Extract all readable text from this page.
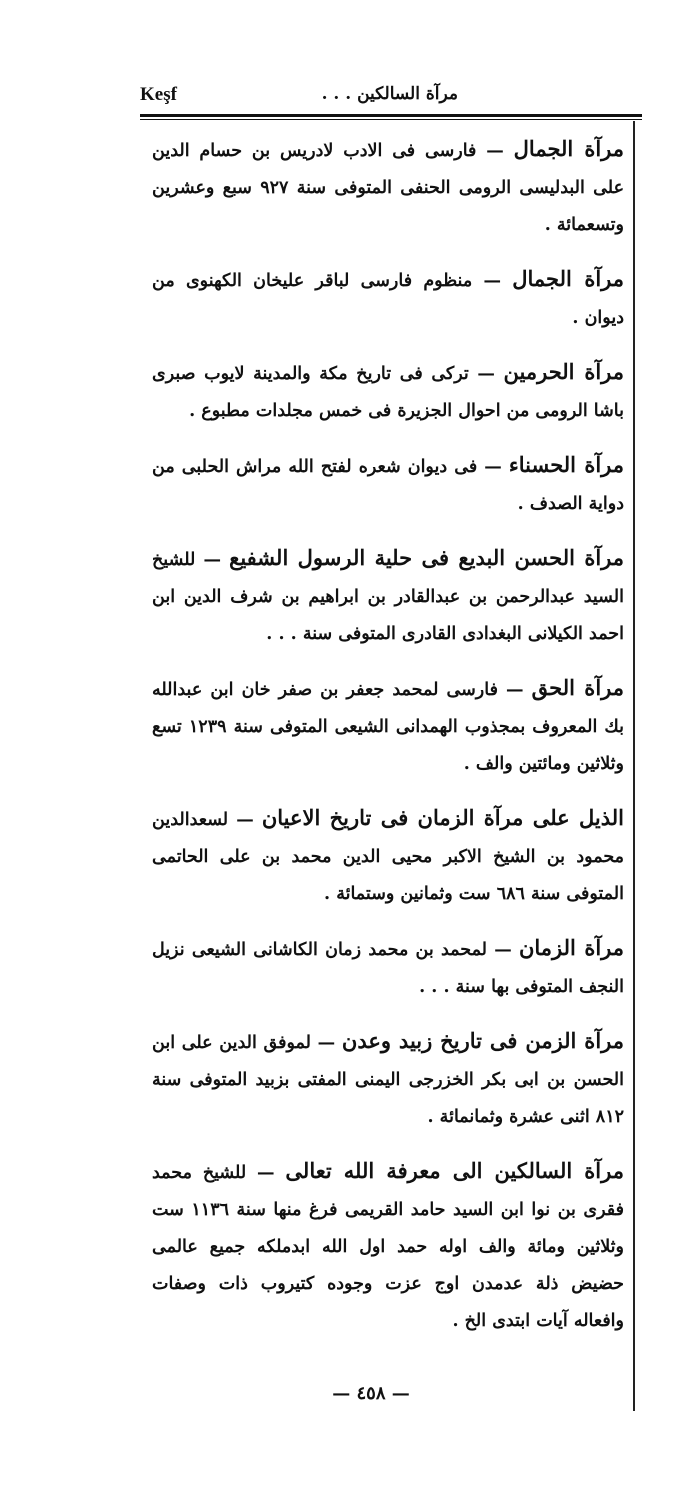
مرآة السالكين . . .
Keşf

مرآة الجمال — فارسى فى الادب لادريس بن حسام الدين على البدليسى الرومى الحنفى المتوفى سنة ٩٢٧ سبع وعشرين وتسعمائة .

مرآة الجمال — منظوم فارسى لباقر عليخان الكهنوى من ديوان .

مرآة الحرمين — تركى فى تاريخ مكة والمدينة لايوب صبرى باشا الرومى من احوال الجزيرة فى خمس مجلدات مطبوع .

مرآة الحسناء — فى ديوان شعره لفتح الله مراش الحلبى من دواية الصدف .

مرآة الحسن البديع فى حلية الرسول الشفيع — للشيخ السيد عبدالرحمن بن عبدالقادر بن ابراهيم بن شرف الدين ابن احمد الكيلانى البغدادى القادرى المتوفى سنة . . .

مرآة الحق — فارسى لمحمد جعفر بن صفر خان ابن عبدالله بك المعروف بمجذوب الهمدانى الشيعى المتوفى سنة ١٢٣٩ تسع وثلاثين ومائتين والف .

الذيل على مرآة الزمان فى تاريخ الاعيان — لسعدالدين محمود بن الشيخ الاكبر محيى الدين محمد بن على الحاتمى المتوفى سنة ٦٨٦ ست وثمانين وستمائة .

مرآة الزمان — لمحمد بن محمد زمان الكاشانى الشيعى نزيل النجف المتوفى بها سنة . . .

مرآة الزمن فى تاريخ زبيد وعدن — لموفق الدين على ابن الحسن بن ابى بكر الخزرجى اليمنى المفتى بزبيد المتوفى سنة ٨١٢ اثنى عشرة وثمانمائة .

مرآة السالكين الى معرفة الله تعالى — للشيخ محمد فقرى بن نوا ابن السيد حامد القريمى فرغ منها سنة ١١٣٦ ست وثلاثين ومائة والف اوله حمد اول الله ابدملكه جميع عالمى حضيض ذلة عدمدن اوج عزت وجوده كتيروب ذات وصفات وافعاله آيات ابتدى الخ .

— ٤٥٨ —
